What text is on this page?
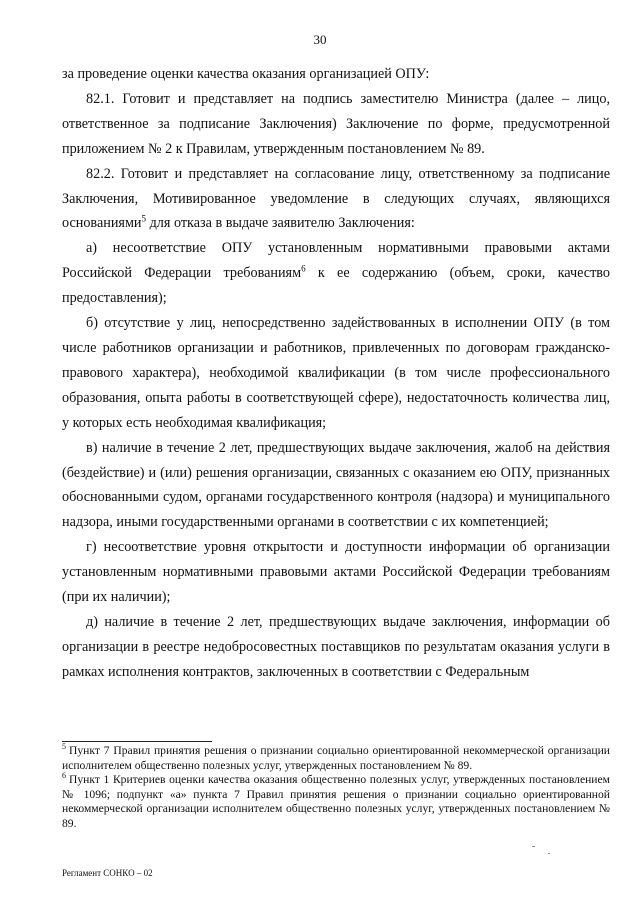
30

за проведение оценки качества оказания организацией ОПУ:

82.1. Готовит и представляет на подпись заместителю Министра (далее – лицо, ответственное за подписание Заключения) Заключение по форме, предусмотренной приложением № 2 к Правилам, утвержденным постановлением № 89.

82.2. Готовит и представляет на согласование лицу, ответственному за подписание Заключения, Мотивированное уведомление в следующих случаях, являющихся основаниями$^5$ для отказа в выдаче заявителю Заключения:

а) несоответствие ОПУ установленным нормативными правовыми актами Российской Федерации требованиям$^6$ к ее содержанию (объем, сроки, качество предоставления);

б) отсутствие у лиц, непосредственно задействованных в исполнении ОПУ (в том числе работников организации и работников, привлеченных по договорам гражданско-правового характера), необходимой квалификации (в том числе профессионального образования, опыта работы в соответствующей сфере), недостаточность количества лиц, у которых есть необходимая квалификация;

в) наличие в течение 2 лет, предшествующих выдаче заключения, жалоб на действия (бездействие) и (или) решения организации, связанных с оказанием ею ОПУ, признанных обоснованными судом, органами государственного контроля (надзора) и муниципального надзора, иными государственными органами в соответствии с их компетенцией;

г) несоответствие уровня открытости и доступности информации об организации установленным нормативными правовыми актами Российской Федерации требованиям (при их наличии);

д) наличие в течение 2 лет, предшествующих выдаче заключения, информации об организации в реестре недобросовестных поставщиков по результатам оказания услуги в рамках исполнения контрактов, заключенных в соответствии с Федеральным

$^5$ Пункт 7 Правил принятия решения о признании социально ориентированной некоммерческой организации исполнителем общественно полезных услуг, утвержденных постановлением № 89.

$^6$ Пункт 1 Критериев оценки качества оказания общественно полезных услуг, утвержденных постановлением № 1096; подпункт «а» пункта 7 Правил принятия решения о признании социально ориентированной некоммерческой организации исполнителем общественно полезных услуг, утвержденных постановлением № 89.

Регламент СОНКО – 02
